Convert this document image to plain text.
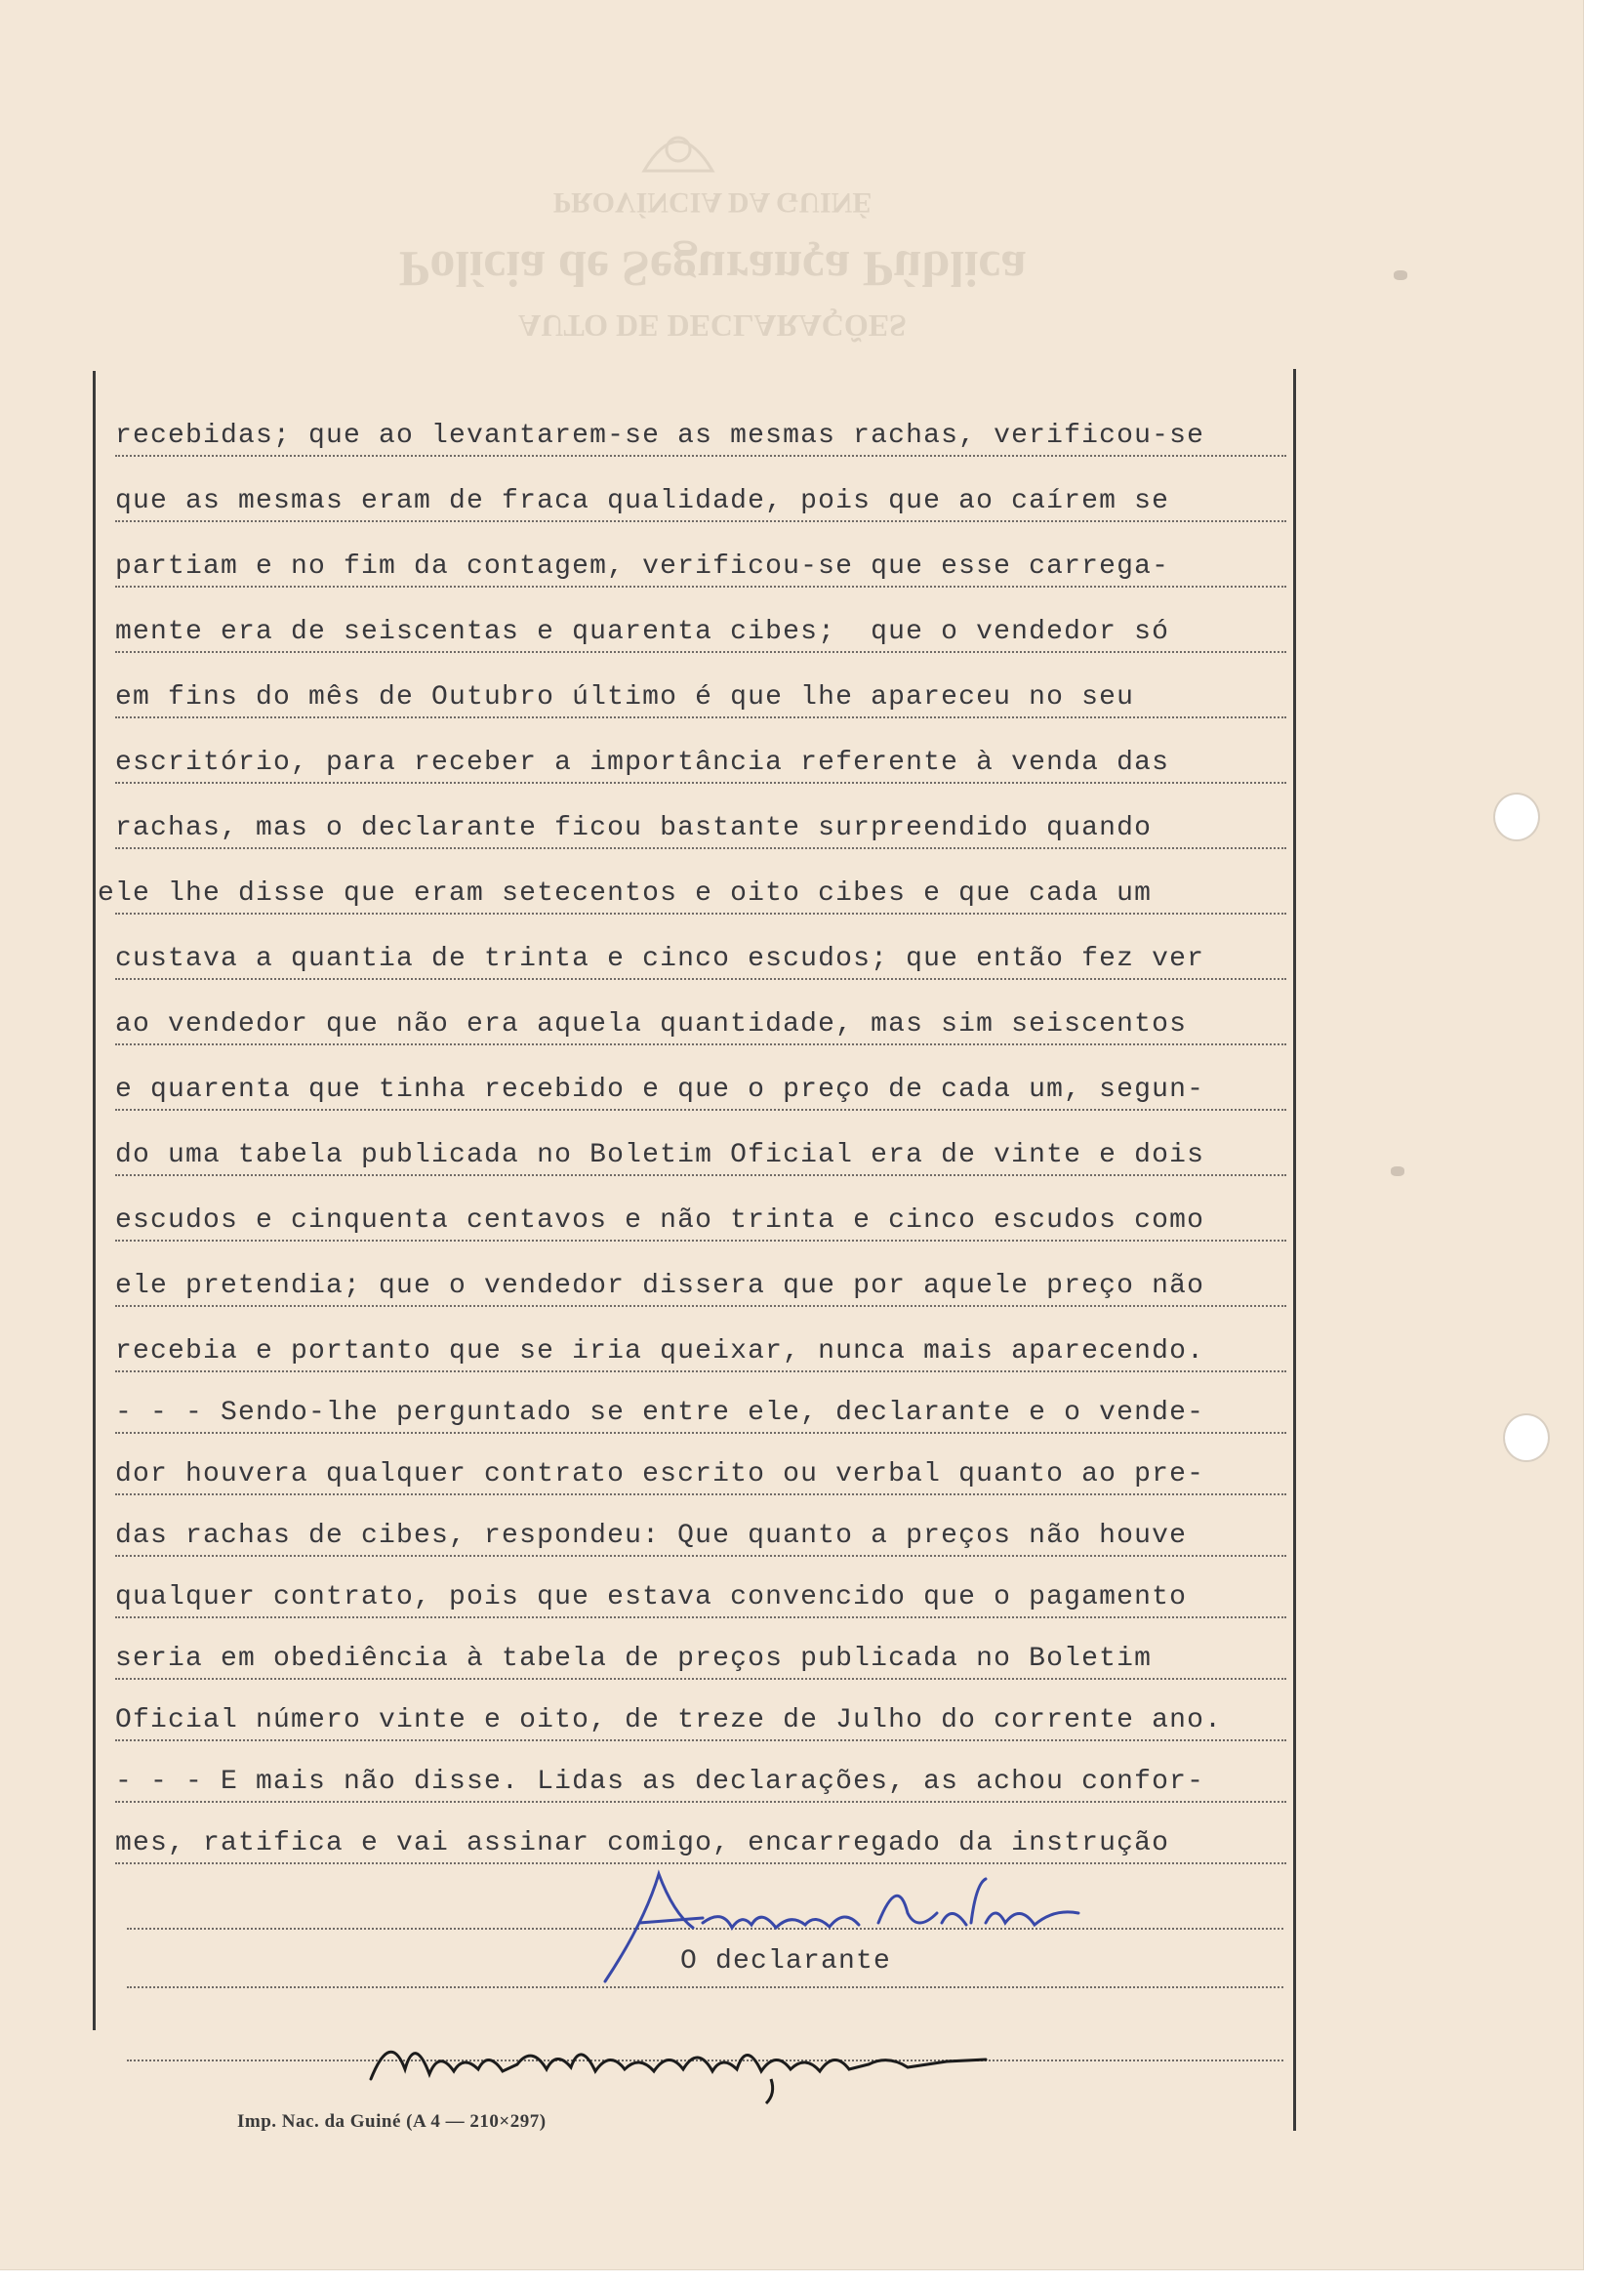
PROVÍNCIA DA GUINÉ
Polícia de Segurança Pública
AUTO DE DECLARAÇÕES
recebidas; que ao levantarem-se as mesmas rachas, verificou-se
que as mesmas eram de fraca qualidade, pois que ao caírem se
partiam e no fim da contagem, verificou-se que esse carrega-
mente era de seiscentas e quarenta cibes;  que o vendedor só
em fins do mês de Outubro último é que lhe apareceu no seu
escritório, para receber a importância referente à venda das
rachas, mas o declarante ficou bastante surpreendido quando
ele lhe disse que eram setecentos e oito cibes e que cada um
custava a quantia de trinta e cinco escudos; que então fez ver
ao vendedor que não era aquela quantidade, mas sim seiscentos
e quarenta que tinha recebido e que o preço de cada um, segun-
do uma tabela publicada no Boletim Oficial era de vinte e dois
escudos e cinquenta centavos e não trinta e cinco escudos como
ele pretendia; que o vendedor dissera que por aquele preço não
recebia e portanto que se iria queixar, nunca mais aparecendo.
- - - Sendo-lhe perguntado se entre ele, declarante e o vende-
dor houvera qualquer contrato escrito ou verbal quanto ao pre-
das rachas de cibes, respondeu: Que quanto a preços não houve
qualquer contrato, pois que estava convencido que o pagamento
seria em obediência à tabela de preços publicada no Boletim
Oficial número vinte e oito, de treze de Julho do corrente ano.
- - - E mais não disse. Lidas as declarações, as achou confor-
mes, ratifica e vai assinar comigo, encarregado da instrução
O declarante
Imp. Nac. da Guiné (A 4 — 210×297)
